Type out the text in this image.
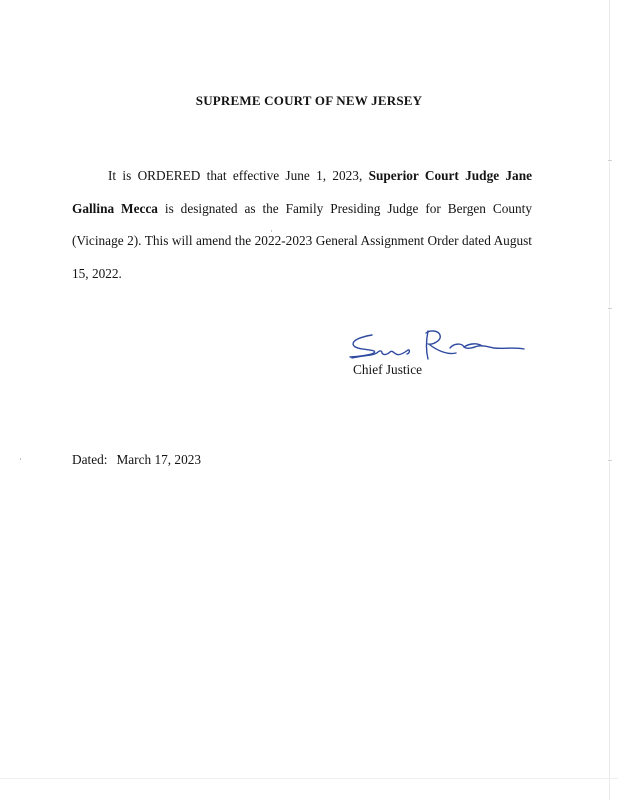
SUPREME COURT OF NEW JERSEY

It is ORDERED that effective June 1, 2023, Superior Court Judge Jane Gallina Mecca is designated as the Family Presiding Judge for Bergen County (Vicinage 2). This will amend the 2022-2023 General Assignment Order dated August 15, 2022.

Chief Justice
Dated: March 17, 2023
